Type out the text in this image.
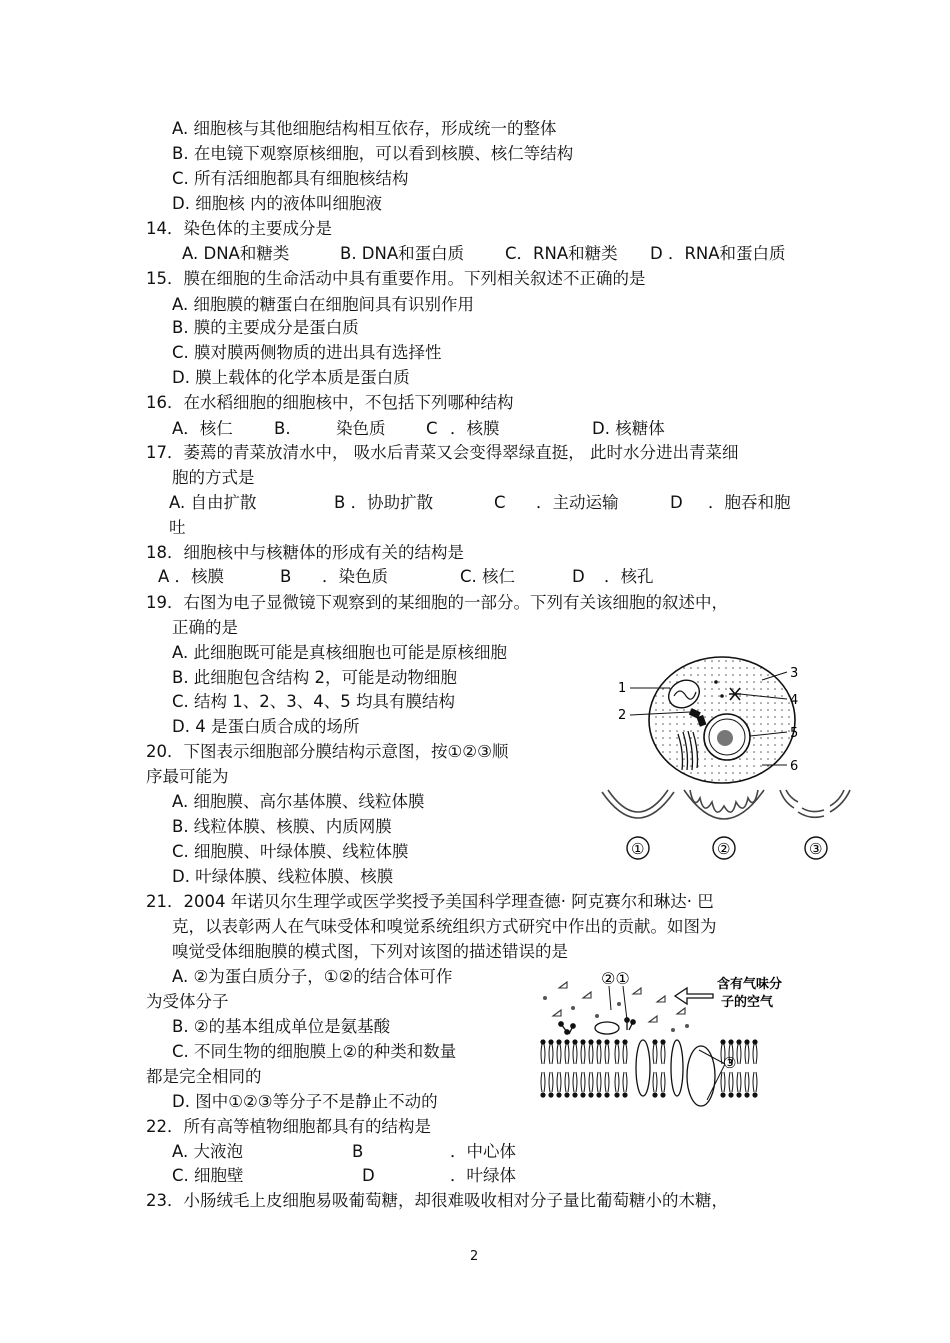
A. 细胞核与其他细胞结构相互依存，形成统一的整体
B. 在电镜下观察原核细胞，可以看到核膜、核仁等结构
C. 所有活细胞都具有细胞核结构
D. 细胞核 内的液体叫细胞液
14．染色体的主要成分是
A. DNA和糖类	B. DNA和蛋白质 C．RNA和糖类 D ．RNA和蛋白质
15．膜在细胞的生命活动中具有重要作用。下列相关叙述不正确的是
A. 细胞膜的糖蛋白在细胞间具有识别作用
B. 膜的主要成分是蛋白质
C. 膜对膜两侧物质的进出具有选择性
D. 膜上载体的化学本质是蛋白质
16．在水稻细胞的细胞核中，不包括下列哪种结构
A．核仁 B.	染色质 C ．核膜	D. 核糖体
17．萎蔫的青菜放清水中， 吸水后青菜又会变得翠绿直挺， 此时水分进出青菜细
胞的方式是
A. 自由扩散	B ．协助扩散	C ．主动运输	D ．胞吞和胞
吐
18．细胞核中与核糖体的形成有关的结构是
A ．核膜	B ．染色质	C. 核仁	D ．核孔
19．右图为电子显微镜下观察到的某细胞的一部分。下列有关该细胞的叙述中，
正确的是
A. 此细胞既可能是真核细胞也可能是原核细胞
B. 此细胞包含结构 2，可能是动物细胞
C. 结构 1、2、3、4、5 均具有膜结构
D. 4 是蛋白质合成的场所
1
2
3
4
5
6
20．下图表示细胞部分膜结构示意图，按①②③顺
序最可能为
A. 细胞膜、高尔基体膜、线粒体膜
B. 线粒体膜、核膜、内质网膜
C. 细胞膜、叶绿体膜、线粒体膜
D. 叶绿体膜、线粒体膜、核膜
①	②	③
21．2004 年诺贝尔生理学或医学奖授予美国科学理查德· 阿克赛尔和琳达· 巴
克，以表彰两人在气味受体和嗅觉系统组织方式研究中作出的贡献。如图为
嗅觉受体细胞膜的模式图，下列对该图的描述错误的是
A. ②为蛋白质分子，①②的结合体可作
为受体分子
B. ②的基本组成单位是氨基酸
C. 不同生物的细胞膜上②的种类和数量
都是完全相同的
D. 图中①②③等分子不是静止不动的
②①	含有气味分
子的空气
③
22．所有高等植物细胞都具有的结构是
A. 大液泡	B	．中心体
C. 细胞壁	D	．叶绿体
23．小肠绒毛上皮细胞易吸葡萄糖，却很难吸收相对分子量比葡萄糖小的木糖，
2
